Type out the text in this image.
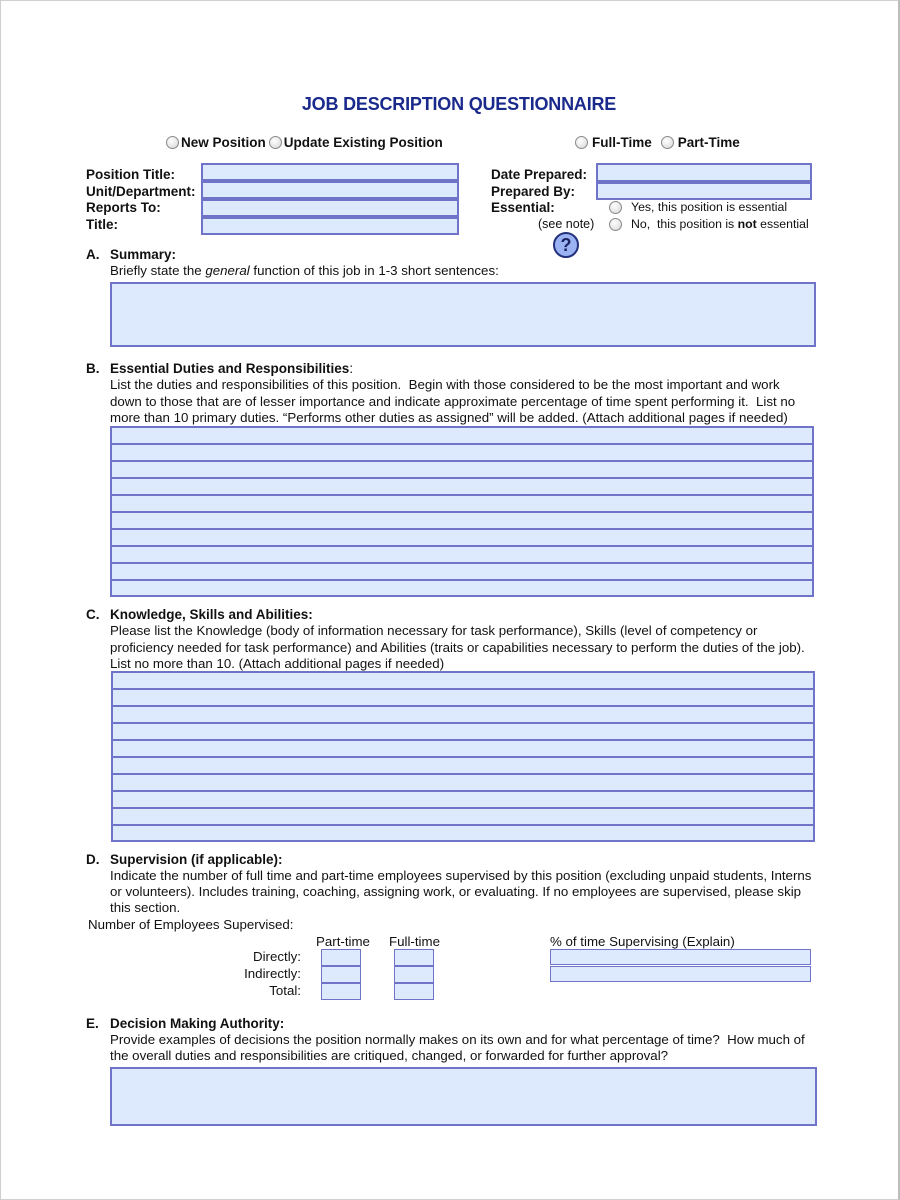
JOB DESCRIPTION QUESTIONNAIRE
New Position Update Existing Position	Full-Time Part-Time
Position Title:
Unit/Department:
Reports To:
Title:
Date Prepared:
Prepared By:
Essential:
(see note)
Yes, this position is essential
No,  this position is not essential
?
A. Summary:
Briefly state the general function of this job in 1-3 short sentences:
B. Essential Duties and Responsibilities:
List the duties and responsibilities of this position.  Begin with those considered to be the most important and work
down to those that are of lesser importance and indicate approximate percentage of time spent performing it.  List no
more than 10 primary duties. “Performs other duties as assigned” will be added. (Attach additional pages if needed)
C. Knowledge, Skills and Abilities:
Please list the Knowledge (body of information necessary for task performance), Skills (level of competency or
proficiency needed for task performance) and Abilities (traits or capabilities necessary to perform the duties of the job).
List no more than 10. (Attach additional pages if needed)
D. Supervision (if applicable):
Indicate the number of full time and part-time employees supervised by this position (excluding unpaid students, Interns
or volunteers). Includes training, coaching, assigning work, or evaluating. If no employees are supervised, please skip
this section.
Number of Employees Supervised:
Part-time Full-time
Directly:
Indirectly:
Total:
% of time Supervising (Explain)
E. Decision Making Authority:
Provide examples of decisions the position normally makes on its own and for what percentage of time?  How much of
the overall duties and responsibilities are critiqued, changed, or forwarded for further approval?
